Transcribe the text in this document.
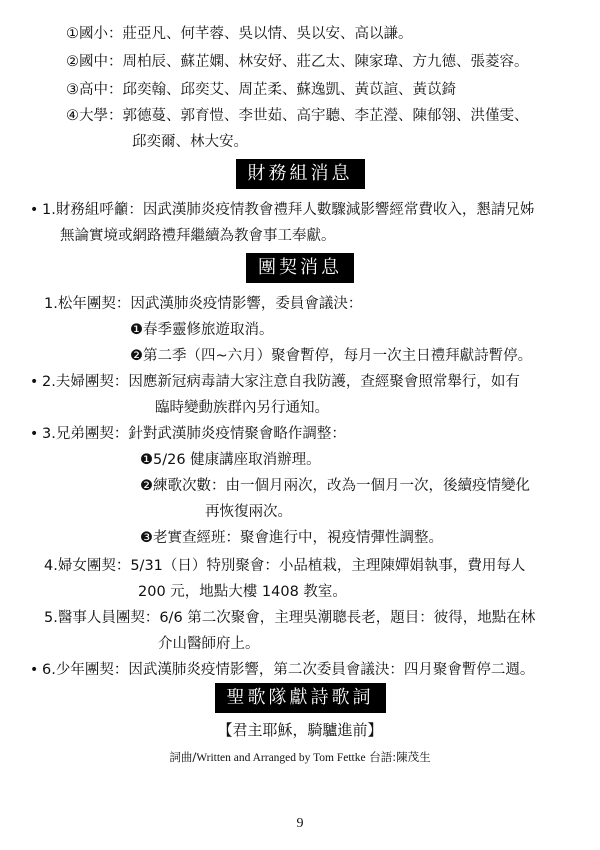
①國小：莊亞凡、何芊蓉、吳以情、吳以安、高以謙。
②國中：周柏辰、蘇芷嫻、林安妤、莊乙太、陳家瑋、方九德、張菱容。
③高中：邱奕翰、邱奕艾、周芷柔、蘇逸凱、黃苡諠、黃苡錡
④大學：郭德蔓、郭育愷、李世茹、高宇聽、李芷瀅、陳郁翎、洪僅雯、
邱奕爾、林大安。
財務組消息
• 1.財務組呼籲：因武漢肺炎疫情教會禮拜人數驟減影響經常費收入，懇請兄姊
無論實境或網路禮拜繼續為教會事工奉獻。
團契消息
1.松年團契：因武漢肺炎疫情影響，委員會議決：
❶春季靈修旅遊取消。
❷第二季（四~六月）聚會暫停，每月一次主日禮拜獻詩暫停。
• 2.夫婦團契：因應新冠病毒請大家注意自我防護，查經聚會照常舉行，如有
臨時變動族群內另行通知。
• 3.兄弟團契：針對武漢肺炎疫情聚會略作調整：
❶5/26 健康講座取消辦理。
❷練歌次數：由一個月兩次，改為一個月一次，後續疫情變化
再恢復兩次。
❸老實查經班：聚會進行中，視疫情彈性調整。
4.婦女團契：5/31（日）特別聚會：小品植栽，主理陳嬋娟執事，費用每人
200 元，地點大樓 1408 教室。
5.醫事人員團契：6/6 第二次聚會，主理吳潮聰長老，題目：彼得，地點在林
介山醫師府上。
• 6.少年團契：因武漢肺炎疫情影響，第二次委員會議決：四月聚會暫停二週。
聖歌隊獻詩歌詞
【君主耶穌，騎驢進前】
詞曲/Written and Arranged by Tom Fettke 台語:陳茂生
9
